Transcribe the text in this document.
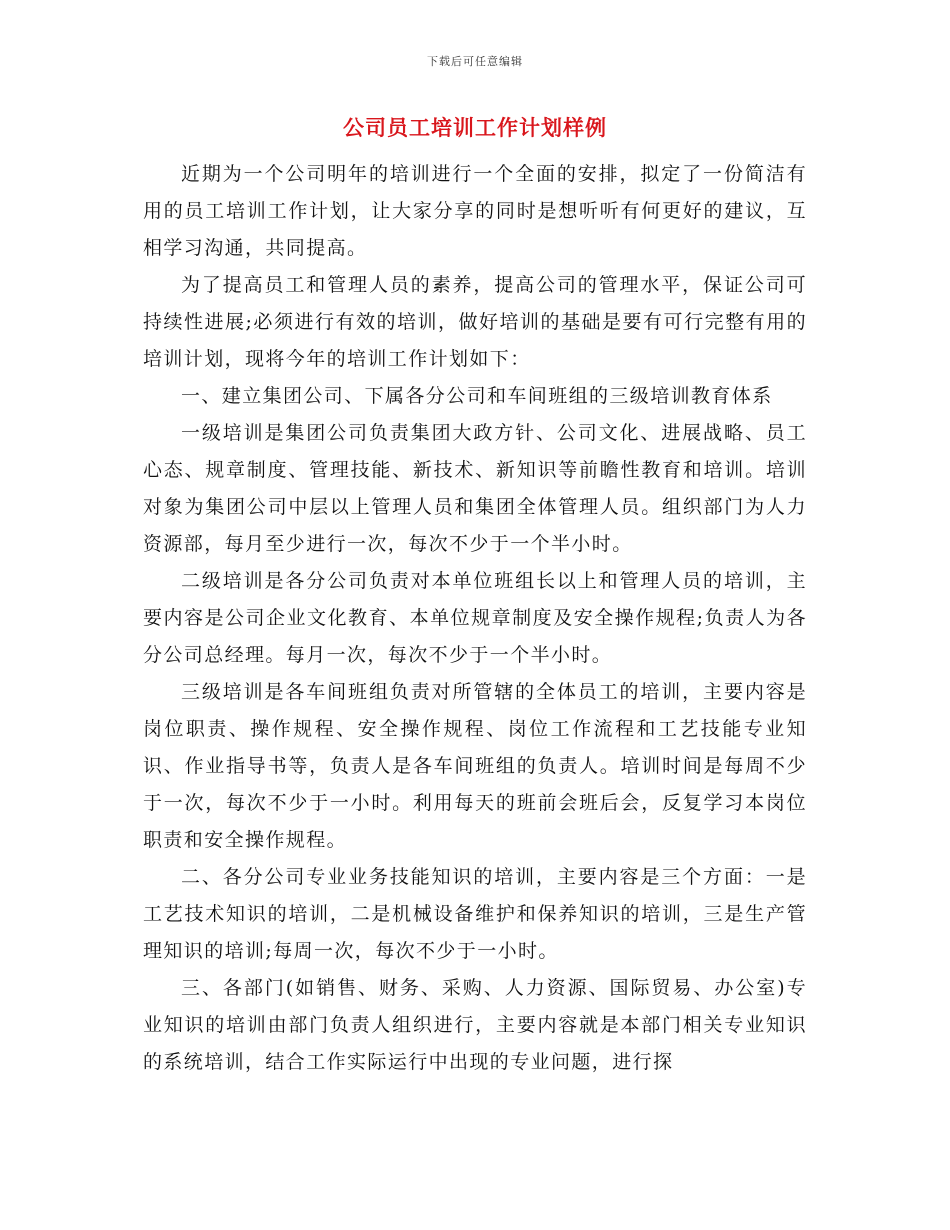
下载后可任意编辑
公司员工培训工作计划样例

近期为一个公司明年的培训进行一个全面的安排，拟定了一份简洁有用的员工培训工作计划，让大家分享的同时是想听听有何更好的建议，互相学习沟通，共同提高。

为了提高员工和管理人员的素养，提高公司的管理水平，保证公司可持续性进展;必须进行有效的培训，做好培训的基础是要有可行完整有用的培训计划，现将今年的培训工作计划如下：

一、建立集团公司、下属各分公司和车间班组的三级培训教育体系

一级培训是集团公司负责集团大政方针、公司文化、进展战略、员工心态、规章制度、管理技能、新技术、新知识等前瞻性教育和培训。培训对象为集团公司中层以上管理人员和集团全体管理人员。组织部门为人力资源部，每月至少进行一次，每次不少于一个半小时。

二级培训是各分公司负责对本单位班组长以上和管理人员的培训，主要内容是公司企业文化教育、本单位规章制度及安全操作规程;负责人为各分公司总经理。每月一次，每次不少于一个半小时。

三级培训是各车间班组负责对所管辖的全体员工的培训，主要内容是岗位职责、操作规程、安全操作规程、岗位工作流程和工艺技能专业知识、作业指导书等，负责人是各车间班组的负责人。培训时间是每周不少于一次，每次不少于一小时。利用每天的班前会班后会，反复学习本岗位职责和安全操作规程。

二、各分公司专业业务技能知识的培训，主要内容是三个方面：一是工艺技术知识的培训，二是机械设备维护和保养知识的培训，三是生产管理知识的培训;每周一次，每次不少于一小时。

三、各部门(如销售、财务、采购、人力资源、国际贸易、办公室)专业知识的培训由部门负责人组织进行，主要内容就是本部门相关专业知识的系统培训，结合工作实际运行中出现的专业问题，进行探
